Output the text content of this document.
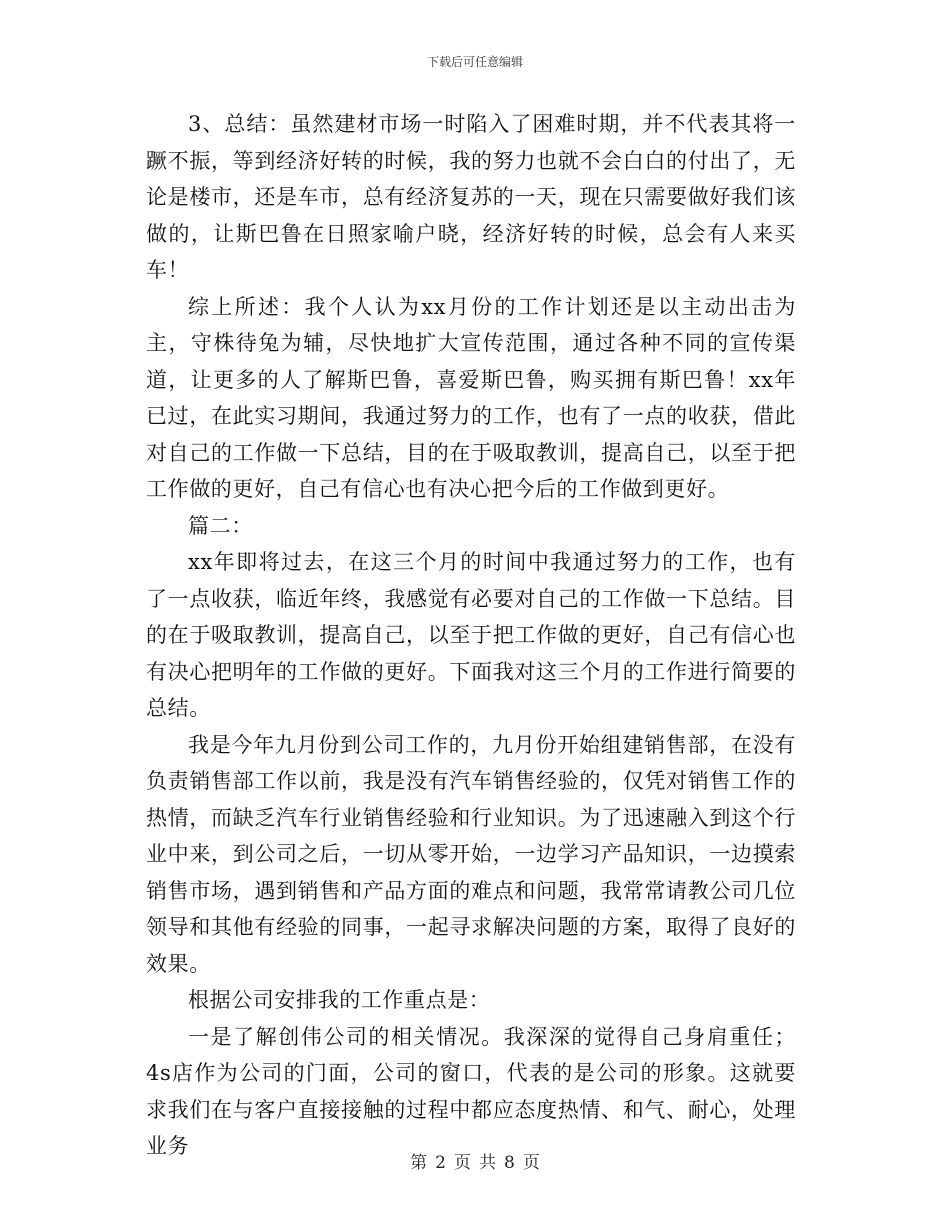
下载后可任意编辑

3、总结：虽然建材市场一时陷入了困难时期，并不代表其将一蹶不振，等到经济好转的时候，我的努力也就不会白白的付出了，无论是楼市，还是车市，总有经济复苏的一天，现在只需要做好我们该做的，让斯巴鲁在日照家喻户晓，经济好转的时候，总会有人来买车！

综上所述：我个人认为xx月份的工作计划还是以主动出击为主，守株待兔为辅，尽快地扩大宣传范围，通过各种不同的宣传渠道，让更多的人了解斯巴鲁，喜爱斯巴鲁，购买拥有斯巴鲁！xx年已过，在此实习期间，我通过努力的工作，也有了一点的收获，借此对自己的工作做一下总结，目的在于吸取教训，提高自己，以至于把工作做的更好，自己有信心也有决心把今后的工作做到更好。

篇二：

xx年即将过去，在这三个月的时间中我通过努力的工作，也有了一点收获，临近年终，我感觉有必要对自己的工作做一下总结。目的在于吸取教训，提高自己，以至于把工作做的更好，自己有信心也有决心把明年的工作做的更好。下面我对这三个月的工作进行简要的总结。

我是今年九月份到公司工作的，九月份开始组建销售部，在没有负责销售部工作以前，我是没有汽车销售经验的，仅凭对销售工作的热情，而缺乏汽车行业销售经验和行业知识。为了迅速融入到这个行业中来，到公司之后，一切从零开始，一边学习产品知识，一边摸索销售市场，遇到销售和产品方面的难点和问题，我常常请教公司几位领导和其他有经验的同事，一起寻求解决问题的方案，取得了良好的效果。

根据公司安排我的工作重点是：

一是了解创伟公司的相关情况。我深深的觉得自己身肩重任；4s店作为公司的门面，公司的窗口，代表的是公司的形象。这就要求我们在与客户直接接触的过程中都应态度热情、和气、耐心，处理业务

第 2 页 共 8 页
